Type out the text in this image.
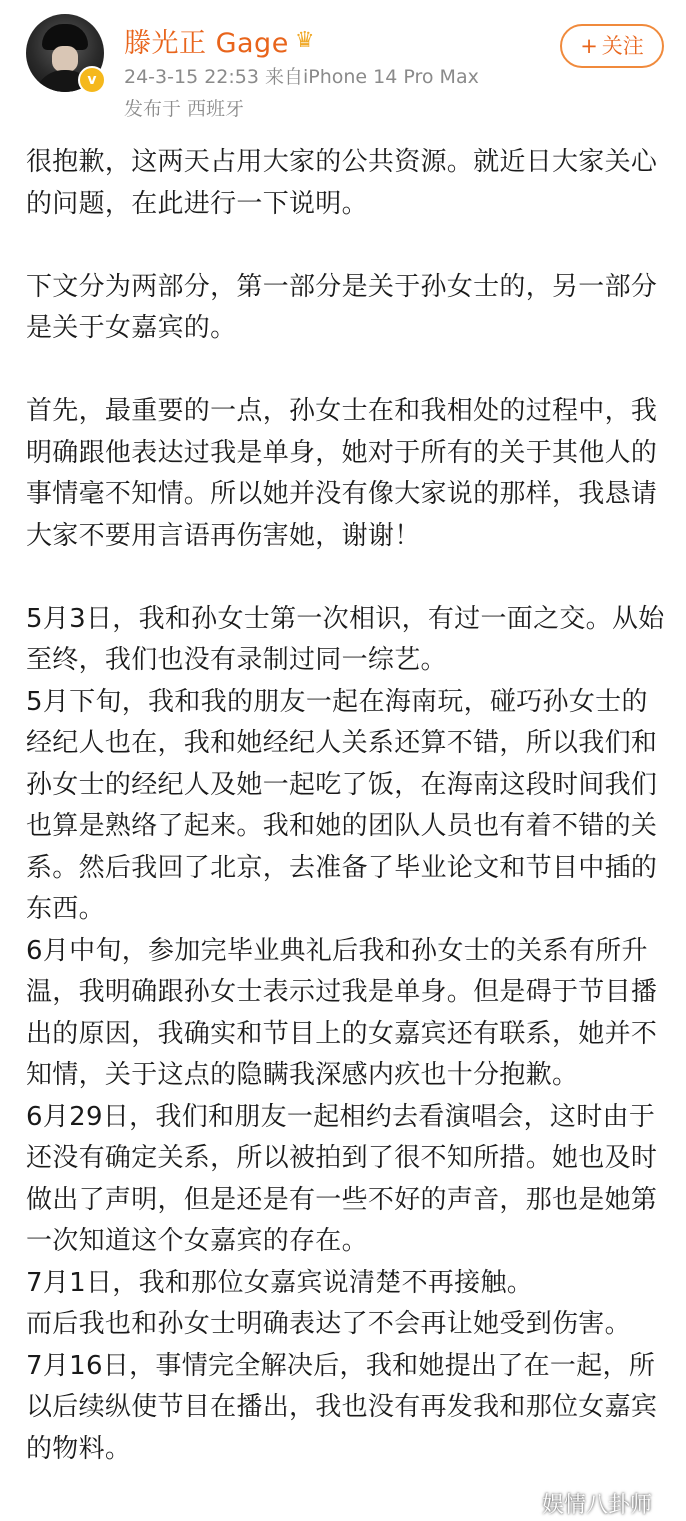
v
滕光正 Gage ♛
24-3-15 22:53 来自iPhone 14 Pro Max
发布于 西班牙
+ 关注

很抱歉，这两天占用大家的公共资源。就近日大家关心的问题，在此进行一下说明。

下文分为两部分，第一部分是关于孙女士的，另一部分是关于女嘉宾的。

首先，最重要的一点，孙女士在和我相处的过程中，我明确跟他表达过我是单身，她对于所有的关于其他人的事情毫不知情。所以她并没有像大家说的那样，我恳请大家不要用言语再伤害她，谢谢！

5月3日，我和孙女士第一次相识，有过一面之交。从始至终，我们也没有录制过同一综艺。

5月下旬，我和我的朋友一起在海南玩，碰巧孙女士的经纪人也在，我和她经纪人关系还算不错，所以我们和孙女士的经纪人及她一起吃了饭，在海南这段时间我们也算是熟络了起来。我和她的团队人员也有着不错的关系。然后我回了北京，去准备了毕业论文和节目中插的东西。

6月中旬，参加完毕业典礼后我和孙女士的关系有所升温，我明确跟孙女士表示过我是单身。但是碍于节目播出的原因，我确实和节目上的女嘉宾还有联系，她并不知情，关于这点的隐瞒我深感内疚也十分抱歉。

6月29日，我们和朋友一起相约去看演唱会，这时由于还没有确定关系，所以被拍到了很不知所措。她也及时做出了声明，但是还是有一些不好的声音，那也是她第一次知道这个女嘉宾的存在。

7月1日，我和那位女嘉宾说清楚不再接触。

而后我也和孙女士明确表达了不会再让她受到伤害。

7月16日，事情完全解决后，我和她提出了在一起，所以后续纵使节目在播出，我也没有再发我和那位女嘉宾的物料。

娱情八卦师
